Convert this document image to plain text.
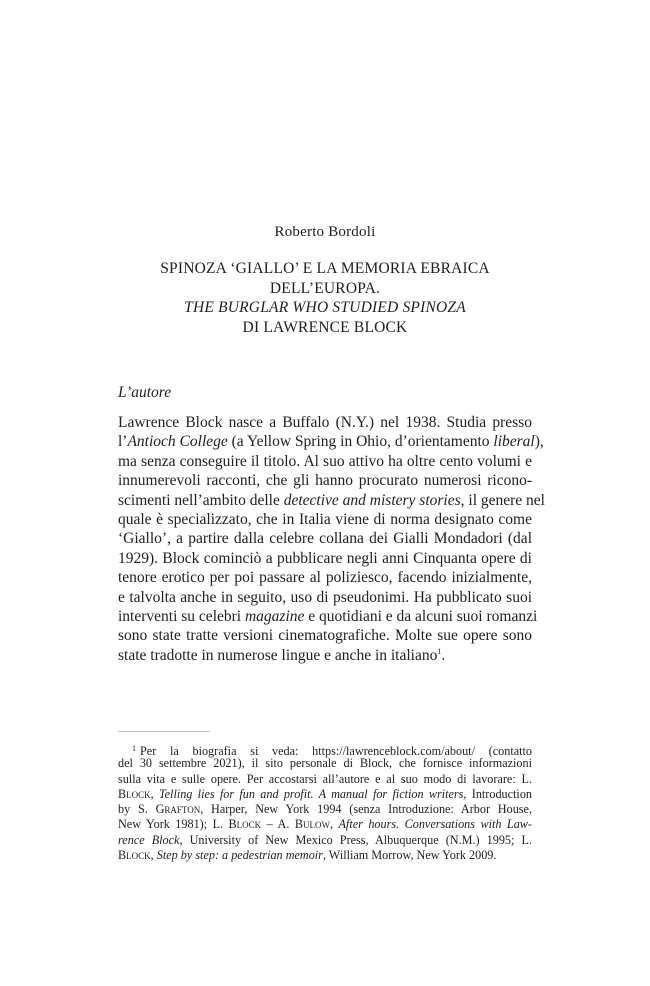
Roberto Bordoli
SPINOZA ‘GIALLO’ E LA MEMORIA EBRAICA
DELL’EUROPA.
THE BURGLAR WHO STUDIED SPINOZA
DI LAWRENCE BLOCK
L’autore
Lawrence Block nasce a Buffalo (N.Y.) nel 1938. Studia presso
l’Antioch College (a Yellow Spring in Ohio, d’orientamento liberal),
ma senza conseguire il titolo. Al suo attivo ha oltre cento volumi e
innumerevoli racconti, che gli hanno procurato numerosi ricono-
scimenti nell’ambito delle detective and mistery stories, il genere nel
quale è specializzato, che in Italia viene di norma designato come
‘Giallo’, a partire dalla celebre collana dei Gialli Mondadori (dal
1929). Block cominciò a pubblicare negli anni Cinquanta opere di
tenore erotico per poi passare al poliziesco, facendo inizialmente,
e talvolta anche in seguito, uso di pseudonimi. Ha pubblicato suoi
interventi su celebri magazine e quotidiani e da alcuni suoi romanzi
sono state tratte versioni cinematografiche. Molte sue opere sono
state tradotte in numerose lingue e anche in italiano$^1$.
$^1$ Per la biografia si veda: https://lawrenceblock.com/about/ (contatto
del 30 settembre 2021), il sito personale di Block, che fornisce informazioni
sulla vita e sulle opere. Per accostarsi all’autore e al suo modo di lavorare: L.
Block, Telling lies for fun and profit. A manual for fiction writers, Introduction
by S. Grafton, Harper, New York 1994 (senza Introduzione: Arbor House,
New York 1981); L. Block – A. Bulow, After hours. Conversations with Law-
rence Block, University of New Mexico Press, Albuquerque (N.M.) 1995; L.
Block, Step by step: a pedestrian memoir, William Morrow, New York 2009.
